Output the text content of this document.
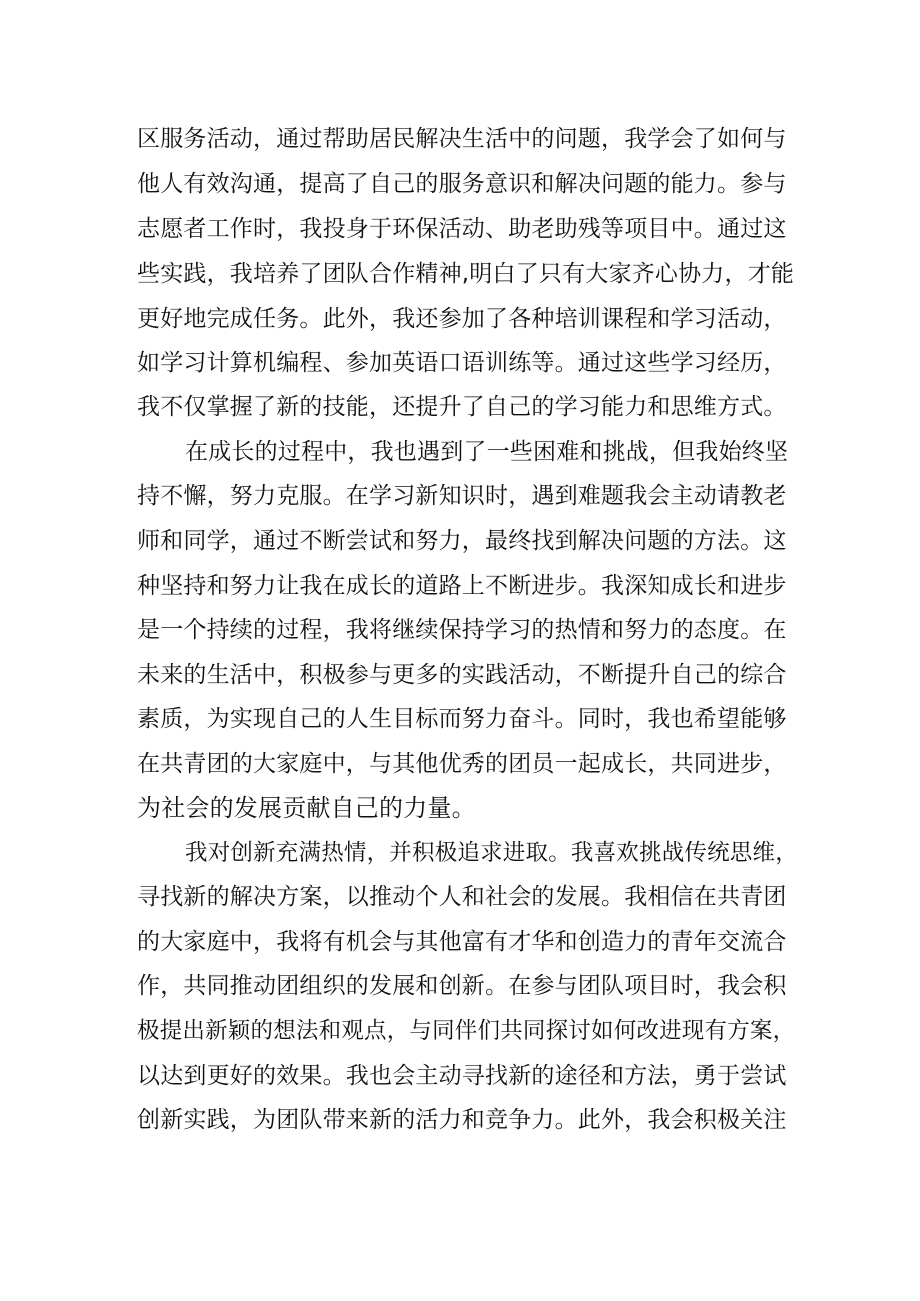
区服务活动，通过帮助居民解决生活中的问题，我学会了如何与
他人有效沟通，提高了自己的服务意识和解决问题的能力。参与
志愿者工作时，我投身于环保活动、助老助残等项目中。通过这
些实践，我培养了团队合作精神,明白了只有大家齐心协力，才能
更好地完成任务。此外，我还参加了各种培训课程和学习活动，
如学习计算机编程、参加英语口语训练等。通过这些学习经历，
我不仅掌握了新的技能，还提升了自己的学习能力和思维方式。
在成长的过程中，我也遇到了一些困难和挑战，但我始终坚
持不懈，努力克服。在学习新知识时，遇到难题我会主动请教老
师和同学，通过不断尝试和努力，最终找到解决问题的方法。这
种坚持和努力让我在成长的道路上不断进步。我深知成长和进步
是一个持续的过程，我将继续保持学习的热情和努力的态度。在
未来的生活中，积极参与更多的实践活动，不断提升自己的综合
素质，为实现自己的人生目标而努力奋斗。同时，我也希望能够
在共青团的大家庭中，与其他优秀的团员一起成长，共同进步，
为社会的发展贡献自己的力量。
我对创新充满热情，并积极追求进取。我喜欢挑战传统思维，
寻找新的解决方案，以推动个人和社会的发展。我相信在共青团
的大家庭中，我将有机会与其他富有才华和创造力的青年交流合
作，共同推动团组织的发展和创新。在参与团队项目时，我会积
极提出新颖的想法和观点，与同伴们共同探讨如何改进现有方案，
以达到更好的效果。我也会主动寻找新的途径和方法，勇于尝试
创新实践，为团队带来新的活力和竞争力。此外，我会积极关注
